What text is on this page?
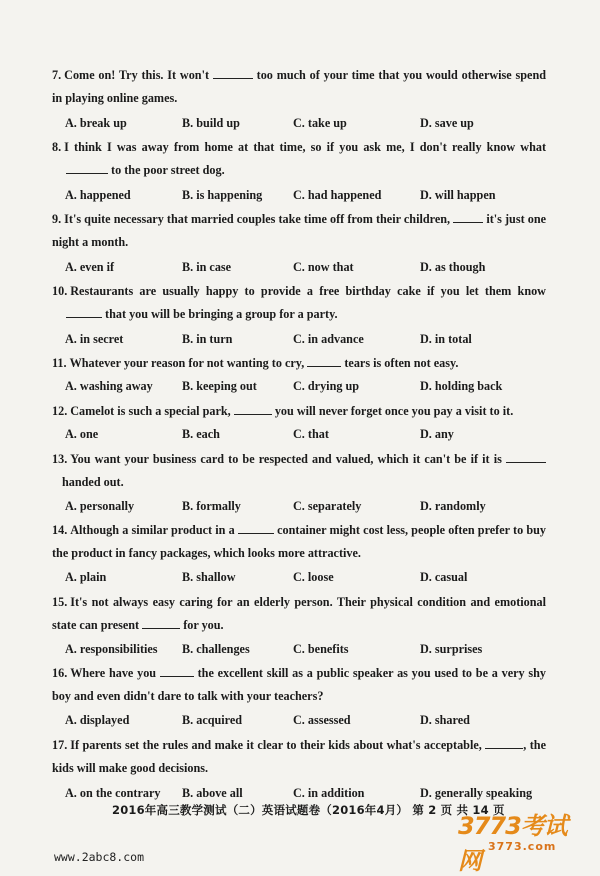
7. Come on! Try this. It won't	too much of your time that you would otherwise spend in playing online games.
A. break up	B. build up	C. take up	D. save up
8. I think I was away from home at that time, so if you ask me, I don't really know what  to the poor street dog.
A. happened	B. is happening	C. had happened	D. will happen
9. It's quite necessary that married couples take time off from their children,	it's just one night a month.
A. even if	B. in case	C. now that	D. as though
10. Restaurants are usually happy to provide a free birthday cake if you let them know  that you will be bringing a group for a party.
A. in secret	B. in turn	C. in advance	D. in total
11. Whatever your reason for not wanting to cry,	tears is often not easy.
A. washing away B. keeping out	C. drying up	D. holding back
12. Camelot is such a special park,	you will never forget once you pay a visit to it.
A. one	B. each	C. that	D. any
13. You want your business card to be respected and valued, which it can't be if it is  handed out.
A. personally	B. formally	C. separately	D. randomly
14. Although a similar product in a	container might cost less, people often prefer to buy the product in fancy packages, which looks more attractive.
A. plain	B. shallow	C. loose	D. casual
15. It's not always easy caring for an elderly person. Their physical condition and emotional state can present	for you.
A. responsibilities B. challenges	C. benefits	D. surprises
16. Where have you	the excellent skill as a public speaker as you used to be a very shy boy and even didn't dare to talk with your teachers?
A. displayed	B. acquired	C. assessed	D. shared
17. If parents set the rules and make it clear to their kids about what's acceptable,	, the kids will make good decisions.
A. on the contrary B. above all	C. in addition	D. generally speaking
2016年高三教学测试（二）英语试题卷（2016年4月） 第 2 页 共 14 页
www.2abc8.com
3773考试网
3773.com
